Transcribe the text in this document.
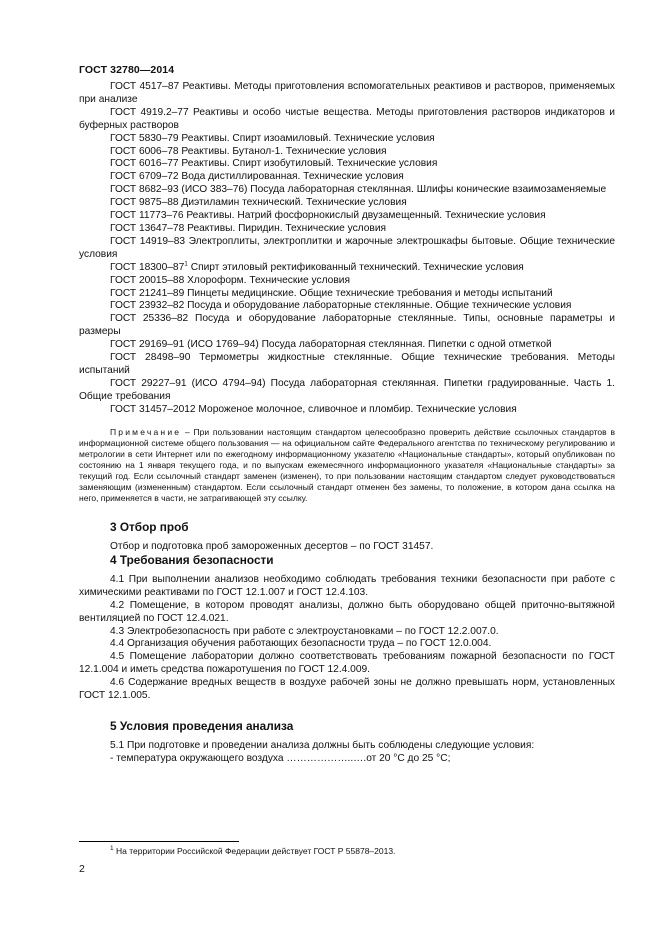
ГОСТ 32780—2014

ГОСТ 4517–87 Реактивы. Методы приготовления вспомогательных реактивов и растворов, применяемых при анализе

ГОСТ 4919.2–77 Реактивы и особо чистые вещества. Методы приготовления растворов индикаторов и буферных растворов

ГОСТ 5830–79 Реактивы. Спирт изоамиловый. Технические условия

ГОСТ 6006–78 Реактивы. Бутанол-1. Технические условия

ГОСТ 6016–77 Реактивы. Спирт изобутиловый. Технические условия

ГОСТ 6709–72 Вода дистиллированная. Технические условия

ГОСТ 8682–93 (ИСО 383–76) Посуда лабораторная стеклянная. Шлифы конические взаимозаменяемые

ГОСТ 9875–88 Диэтиламин технический. Технические условия

ГОСТ 11773–76 Реактивы. Натрий фосфорнокислый двузамещенный. Технические условия

ГОСТ 13647–78 Реактивы. Пиридин. Технические условия

ГОСТ 14919–83 Электроплиты, электроплитки и жарочные электрошкафы бытовые. Общие технические условия

ГОСТ $18300-87^1$ Спирт этиловый ректификованный технический. Технические условия

ГОСТ 20015–88 Хлороформ. Технические условия

ГОСТ 21241–89 Пинцеты медицинские. Общие технические требования и методы испытаний

ГОСТ 23932–82 Посуда и оборудование лабораторные стеклянные. Общие технические условия

ГОСТ 25336–82 Посуда и оборудование лабораторные стеклянные. Типы, основные параметры и размеры

ГОСТ 29169–91 (ИСО 1769–94) Посуда лабораторная стеклянная. Пипетки с одной отметкой

ГОСТ 28498–90 Термометры жидкостные стеклянные. Общие технические требования. Методы испытаний

ГОСТ 29227–91 (ИСО 4794–94) Посуда лабораторная стеклянная. Пипетки градуированные. Часть 1. Общие требования

ГОСТ 31457–2012 Мороженое молочное, сливочное и пломбир. Технические условия

Примечание – При пользовании настоящим стандартом целесообразно проверить действие ссылочных стандартов в информационной системе общего пользования — на официальном сайте Федерального агентства по техническому регулированию и метрологии в сети Интернет или по ежегодному информационному указателю «Национальные стандарты», который опубликован по состоянию на 1 января текущего года, и по выпускам ежемесячного информационного указателя «Национальные стандарты» за текущий год. Если ссылочный стандарт заменен (изменен), то при пользовании настоящим стандартом следует руководствоваться заменяющим (измененным) стандартом. Если ссылочный стандарт отменен без замены, то положение, в котором дана ссылка на него, применяется в части, не затрагивающей эту ссылку.

3 Отбор проб

Отбор и подготовка проб замороженных десертов – по ГОСТ 31457.

4 Требования безопасности

4.1 При выполнении анализов необходимо соблюдать требования техники безопасности при работе с химическими реактивами по ГОСТ 12.1.007 и ГОСТ 12.4.103.

4.2 Помещение, в котором проводят анализы, должно быть оборудовано общей приточно-вытяжной вентиляцией по ГОСТ 12.4.021.

4.3 Электробезопасность при работе с электроустановками – по ГОСТ 12.2.007.0.

4.4 Организация обучения работающих безопасности труда – по ГОСТ 12.0.004.

4.5 Помещение лаборатории должно соответствовать требованиям пожарной безопасности по ГОСТ 12.1.004 и иметь средства пожаротушения по ГОСТ 12.4.009.

4.6 Содержание вредных веществ в воздухе рабочей зоны не должно превышать норм, установленных ГОСТ 12.1.005.

5 Условия проведения анализа

5.1 При подготовке и проведении анализа должны быть соблюдены следующие условия:

- температура окружающего воздуха ………………..….от 20 °С до 25 °С;

$^1$ На территории Российской Федерации действует ГОСТ Р 55878–2013.
2
